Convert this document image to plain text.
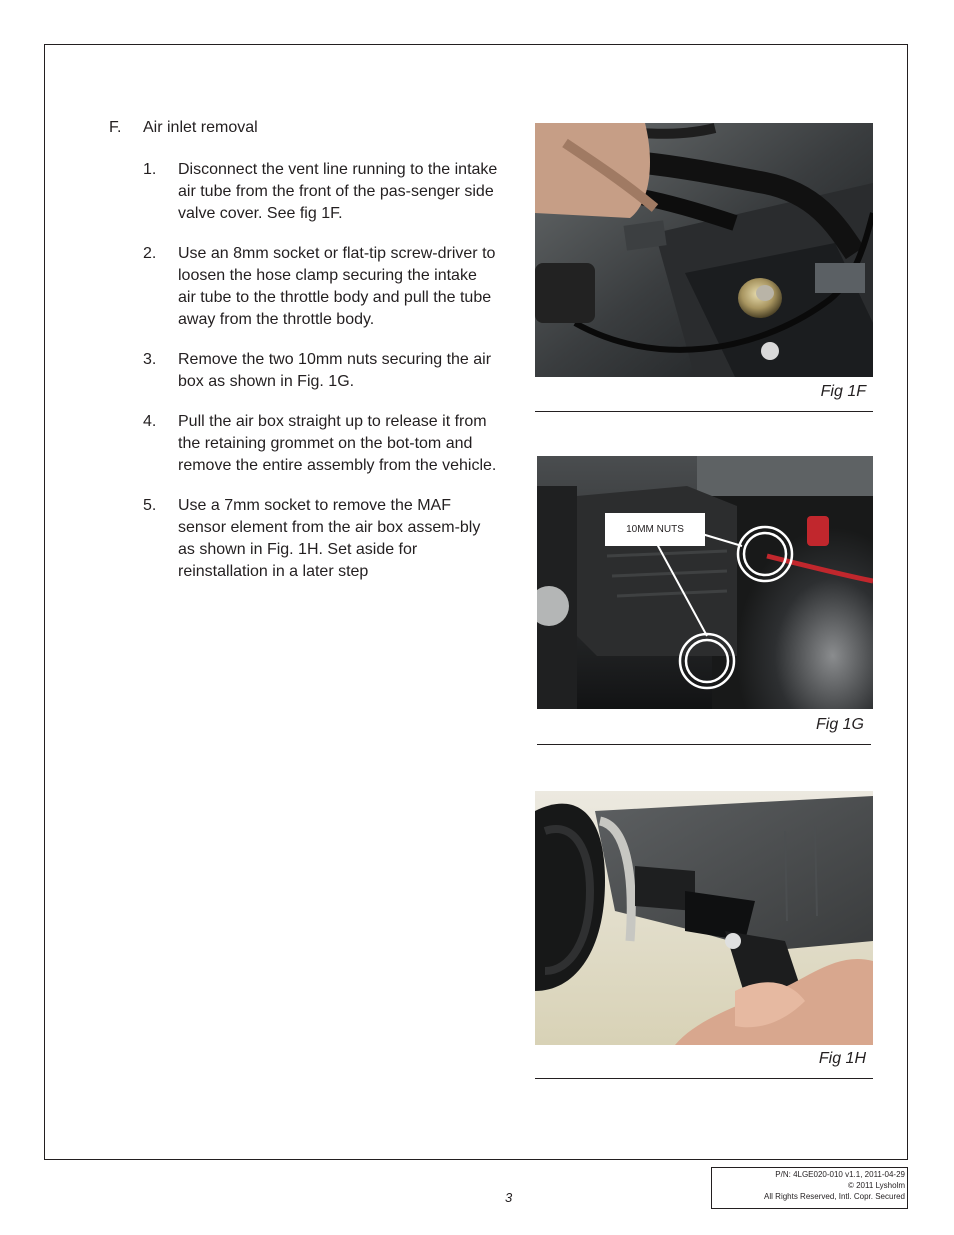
F. Air inlet removal
1.	Disconnect the vent line running to the intake air tube from the front of the pas-senger side valve cover. See fig 1F.
2.	Use an 8mm socket or flat-tip screw-driver to loosen the hose clamp securing the intake air tube to the throttle body and pull the tube away from the throttle body.
3.	Remove the two 10mm nuts securing the air box as shown in Fig. 1G.
4.	Pull the air box straight up to release it from the retaining grommet on the bot-tom and remove the entire assembly from the vehicle.
5.	Use a 7mm socket to remove the MAF sensor element from the air box assem-bly as shown in Fig. 1H. Set aside for reinstallation in a later step
Fig 1F
10MM NUTS
Fig 1G
Fig 1H
3
P/N: 4LGE020-010 v1.1, 2011-04-29
© 2011 Lysholm
All Rights Reserved, Intl. Copr. Secured
